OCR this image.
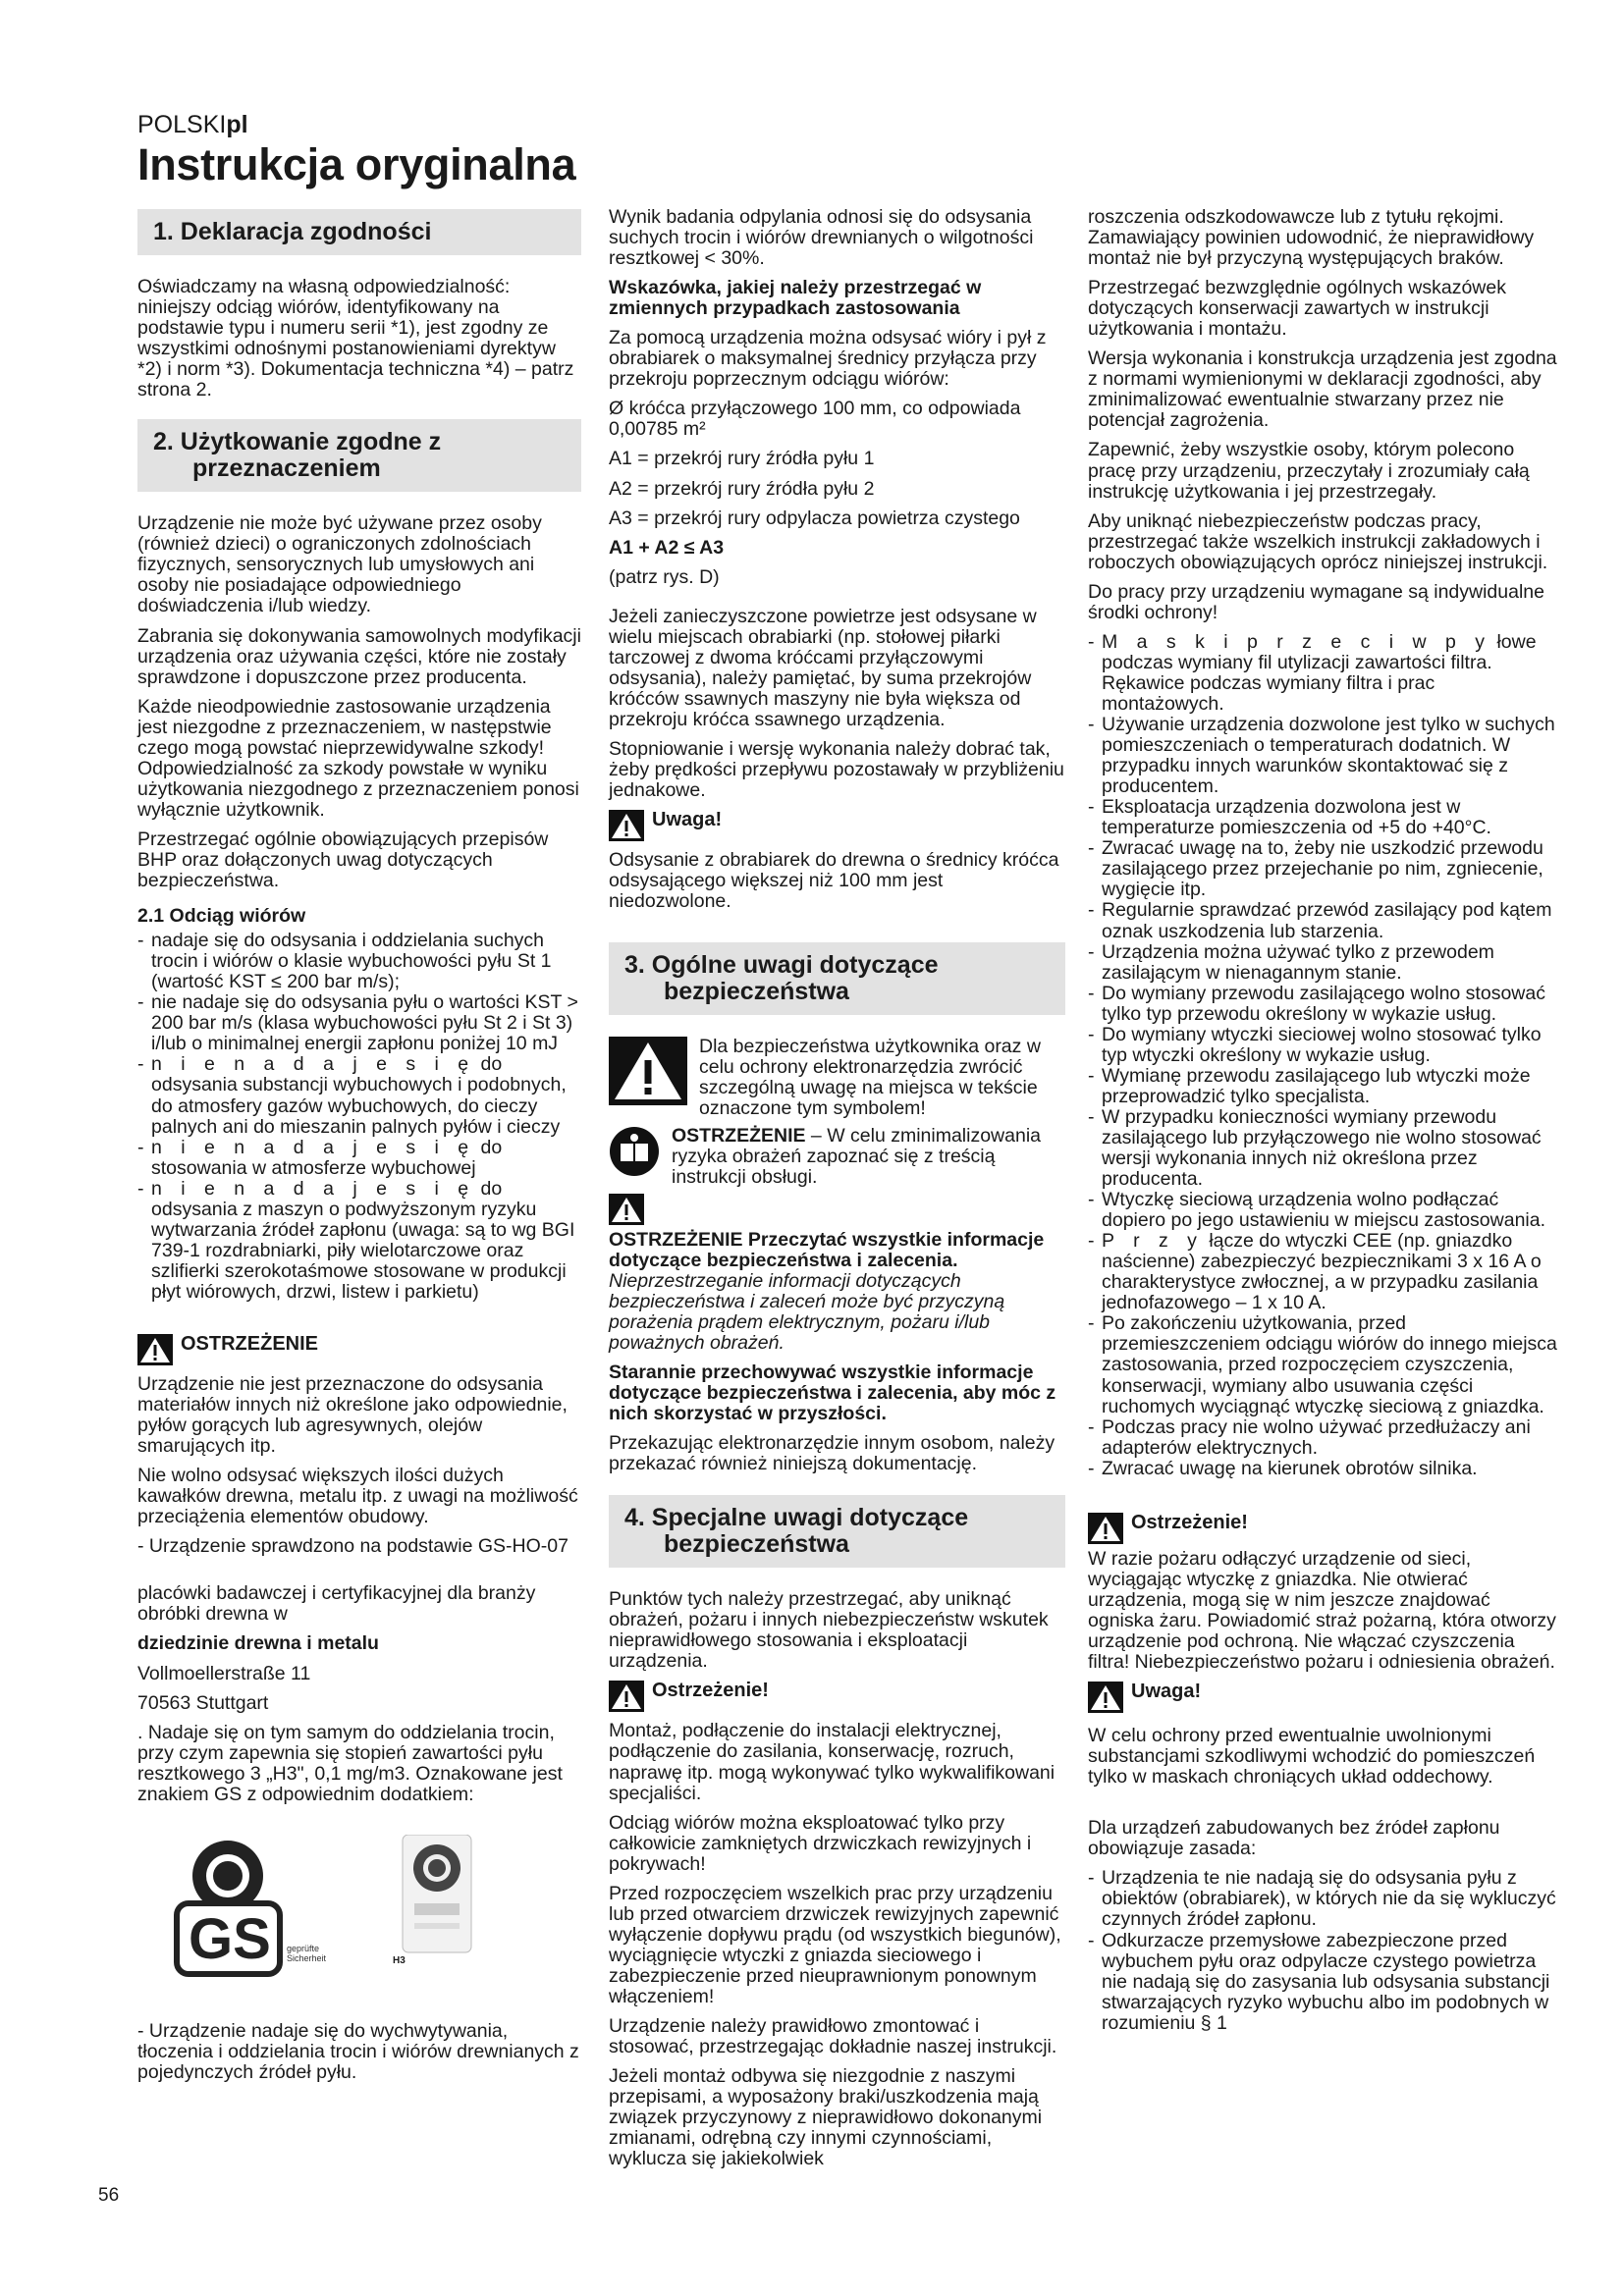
POLSKIpl
Instrukcja oryginalna
1. Deklaracja zgodności

Oświadczamy na własną odpowiedzialność: niniejszy odciąg wiórów, identyfikowany na podstawie typu i numeru serii *1), jest zgodny ze wszystkimi odnośnymi postanowieniami dyrektyw *2) i norm *3). Dokumentacja techniczna *4) – patrz strona 2.

2. Użytkowanie zgodne z
przeznaczeniem

Urządzenie nie może być używane przez osoby (również dzieci) o ograniczonych zdolnościach fizycznych, sensorycznych lub umysłowych ani osoby nie posiadające odpowiedniego doświadczenia i/lub wiedzy.

Zabrania się dokonywania samowolnych modyfikacji urządzenia oraz używania części, które nie zostały sprawdzone i dopuszczone przez producenta.

Każde nieodpowiednie zastosowanie urządzenia jest niezgodne z przeznaczeniem, w następstwie czego mogą powstać nieprzewidywalne szkody! Odpowiedzialność za szkody powstałe w wyniku użytkowania niezgodnego z przeznaczeniem ponosi wyłącznie użytkownik.

Przestrzegać ogólnie obowiązujących przepisów BHP oraz dołączonych uwag dotyczących bezpieczeństwa.

2.1 Odciąg wiórów
- nadaje się do odsysania i oddzielania suchych trocin i wiórów o klasie wybuchowości pyłu St 1 (wartość KST ≤ 200 bar m/s);
- nie nadaje się do odsysania pyłu o wartości KST > 200 bar m/s (klasa wybuchowości pyłu St 2 i St 3) i/lub o minimalnej energii zapłonu poniżej 10 mJ
- n i e n a d a j e s i ę do odsysania substancji wybuchowych i podobnych, do atmosfery gazów wybuchowych, do cieczy palnych ani do mieszanin palnych pyłów i cieczy
- n i e n a d a j e s i ę do stosowania w atmosferze wybuchowej
- n i e n a d a j e s i ę do odsysania z maszyn o podwyższonym ryzyku wytwarzania źródeł zapłonu (uwaga: są to wg BGI 739-1 rozdrabniarki, piły wielotarczowe oraz szlifierki szerokotaśmowe stosowane w produkcji płyt wiórowych, drzwi, listew i parkietu)
OSTRZEŻENIE

Urządzenie nie jest przeznaczone do odsysania materiałów innych niż określone jako odpowiednie, pyłów gorących lub agresywnych, olejów smarujących itp.

Nie wolno odsysać większych ilości dużych kawałków drewna, metalu itp. z uwagi na możliwość przeciążenia elementów obudowy.

- Urządzenie sprawdzono na podstawie GS-HO-07

placówki badawczej i certyfikacyjnej dla branży obróbki drewna w

dziedzinie drewna i metalu

Vollmoellerstraße 11

70563 Stuttgart

. Nadaje się on tym samym do oddzielania trocin, przy czym zapewnia się stopień zawartości pyłu resztkowego 3 „H3", 0,1 mg/m3. Oznakowane jest znakiem GS z odpowiednim dodatkiem:

GS geprüfte Sicherheit	H3

- Urządzenie nadaje się do wychwytywania, tłoczenia i oddzielania trocin i wiórów drewnianych z pojedynczych źródeł pyłu.

Wynik badania odpylania odnosi się do odsysania suchych trocin i wiórów drewnianych o wilgotności resztkowej < 30%.

Wskazówka, jakiej należy przestrzegać w zmiennych przypadkach zastosowania

Za pomocą urządzenia można odsysać wióry i pył z obrabiarek o maksymalnej średnicy przyłącza przy przekroju poprzecznym odciągu wiórów:

Ø króćca przyłączowego 100 mm, co odpowiada 0,00785 m²

A1 = przekrój rury źródła pyłu 1

A2 = przekrój rury źródła pyłu 2

A3 = przekrój rury odpylacza powietrza czystego

A1 + A2 ≤ A3

(patrz rys. D)

Jeżeli zanieczyszczone powietrze jest odsysane w wielu miejscach obrabiarki (np. stołowej piłarki tarczowej z dwoma króćcami przyłączowymi odsysania), należy pamiętać, by suma przekrojów króćców ssawnych maszyny nie była większa od przekroju króćca ssawnego urządzenia.

Stopniowanie i wersję wykonania należy dobrać tak, żeby prędkości przepływu pozostawały w przybliżeniu jednakowe.

Uwaga!

Odsysanie z obrabiarek do drewna o średnicy króćca odsysającego większej niż 100 mm jest niedozwolone.

3. Ogólne uwagi dotyczące
bezpieczeństwa

Dla bezpieczeństwa użytkownika oraz w celu ochrony elektronarzędzia zwrócić szczególną uwagę na miejsca w tekście oznaczone tym symbolem!

OSTRZEŻENIE – W celu zminimalizowania ryzyka obrażeń zapoznać się z treścią instrukcji obsługi.

OSTRZEŻENIE Przeczytać wszystkie informacje dotyczące bezpieczeństwa i zalecenia. Nieprzestrzeganie informacji dotyczących bezpieczeństwa i zaleceń może być przyczyną porażenia prądem elektrycznym, pożaru i/lub poważnych obrażeń.

Starannie przechowywać wszystkie informacje dotyczące bezpieczeństwa i zalecenia, aby móc z nich skorzystać w przyszłości.

Przekazując elektronarzędzie innym osobom, należy przekazać również niniejszą dokumentację.

4. Specjalne uwagi dotyczące
bezpieczeństwa

Punktów tych należy przestrzegać, aby uniknąć obrażeń, pożaru i innych niebezpieczeństw wskutek nieprawidłowego stosowania i eksploatacji urządzenia.

Ostrzeżenie!

Montaż, podłączenie do instalacji elektrycznej, podłączenie do zasilania, konserwację, rozruch, naprawę itp. mogą wykonywać tylko wykwalifikowani specjaliści.

Odciąg wiórów można eksploatować tylko przy całkowicie zamkniętych drzwiczkach rewizyjnych i pokrywach!

Przed rozpoczęciem wszelkich prac przy urządzeniu lub przed otwarciem drzwiczek rewizyjnych zapewnić wyłączenie dopływu prądu (od wszystkich biegunów), wyciągnięcie wtyczki z gniazda sieciowego i zabezpieczenie przed nieuprawnionym ponownym włączeniem!

Urządzenie należy prawidłowo zmontować i stosować, przestrzegając dokładnie naszej instrukcji.

Jeżeli montaż odbywa się niezgodnie z naszymi przepisami, a wyposażony braki/uszkodzenia mają związek przyczynowy z nieprawidłowo dokonanymi zmianami, odrębną czy innymi czynnościami, wyklucza się jakiekolwiek

roszczenia odszkodowawcze lub z tytułu rękojmi. Zamawiający powinien udowodnić, że nieprawidłowy montaż nie był przyczyną występujących braków.

Przestrzegać bezwzględnie ogólnych wskazówek dotyczących konserwacji zawartych w instrukcji użytkowania i montażu.

Wersja wykonania i konstrukcja urządzenia jest zgodna z normami wymienionymi w deklaracji zgodności, aby zminimalizować ewentualnie stwarzany przez nie potencjał zagrożenia.

Zapewnić, żeby wszystkie osoby, którym polecono pracę przy urządzeniu, przeczytały i zrozumiały całą instrukcję użytkowania i jej przestrzegały.

Aby uniknąć niebezpieczeństw podczas pracy, przestrzegać także wszelkich instrukcji zakładowych i roboczych obowiązujących oprócz niniejszej instrukcji.

Do pracy przy urządzeniu wymagane są indywidualne środki ochrony!

- M a s k i p r z e c i w p y łowe podczas wymiany fil utylizacji zawartości filtra. Rękawice podczas wymiany filtra i prac montażowych.
- Używanie urządzenia dozwolone jest tylko w suchych pomieszczeniach o temperaturach dodatnich. W przypadku innych warunków skontaktować się z producentem.
- Eksploatacja urządzenia dozwolona jest w temperaturze pomieszczenia od +5 do +40°C.
- Zwracać uwagę na to, żeby nie uszkodzić przewodu zasilającego przez przejechanie po nim, zgniecenie, wygięcie itp.
- Regularnie sprawdzać przewód zasilający pod kątem oznak uszkodzenia lub starzenia.
- Urządzenia można używać tylko z przewodem zasilającym w nienagannym stanie.
- Do wymiany przewodu zasilającego wolno stosować tylko typ przewodu określony w wykazie usług.
- Do wymiany wtyczki sieciowej wolno stosować tylko typ wtyczki określony w wykazie usług.
- Wymianę przewodu zasilającego lub wtyczki może przeprowadzić tylko specjalista.
- W przypadku konieczności wymiany przewodu zasilającego lub przyłączowego nie wolno stosować wersji wykonania innych niż określona przez producenta.
- Wtyczkę sieciową urządzenia wolno podłączać dopiero po jego ustawieniu w miejscu zastosowania.
- P r z y łącze do wtyczki CEE (np. gniazdko naścienne) zabezpieczyć bezpiecznikami 3 x 16 A o charakterystyce zwłocznej, a w przypadku zasilania jednofazowego – 1 x 10 A.
- Po zakończeniu użytkowania, przed przemieszczeniem odciągu wiórów do innego miejsca zastosowania, przed rozpoczęciem czyszczenia, konserwacji, wymiany albo usuwania części ruchomych wyciągnąć wtyczkę sieciową z gniazdka.
- Podczas pracy nie wolno używać przedłużaczy ani adapterów elektrycznych.
- Zwracać uwagę na kierunek obrotów silnika.
Ostrzeżenie!

W razie pożaru odłączyć urządzenie od sieci, wyciągając wtyczkę z gniazdka. Nie otwierać urządzenia, mogą się w nim jeszcze znajdować ogniska żaru. Powiadomić straż pożarną, która otworzy urządzenie pod ochroną. Nie włączać czyszczenia filtra! Niebezpieczeństwo pożaru i odniesienia obrażeń.

Uwaga!

W celu ochrony przed ewentualnie uwolnionymi substancjami szkodliwymi wchodzić do pomieszczeń tylko w maskach chroniących układ oddechowy.

Dla urządzeń zabudowanych bez źródeł zapłonu obowiązuje zasada:

- Urządzenia te nie nadają się do odsysania pyłu z obiektów (obrabiarek), w których nie da się wykluczyć czynnych źródeł zapłonu.
- Odkurzacze przemysłowe zabezpieczone przed wybuchem pyłu oraz odpylacze czystego powietrza nie nadają się do zasysania lub odsysania substancji stwarzających ryzyko wybuchu albo im podobnych w rozumieniu § 1
56
